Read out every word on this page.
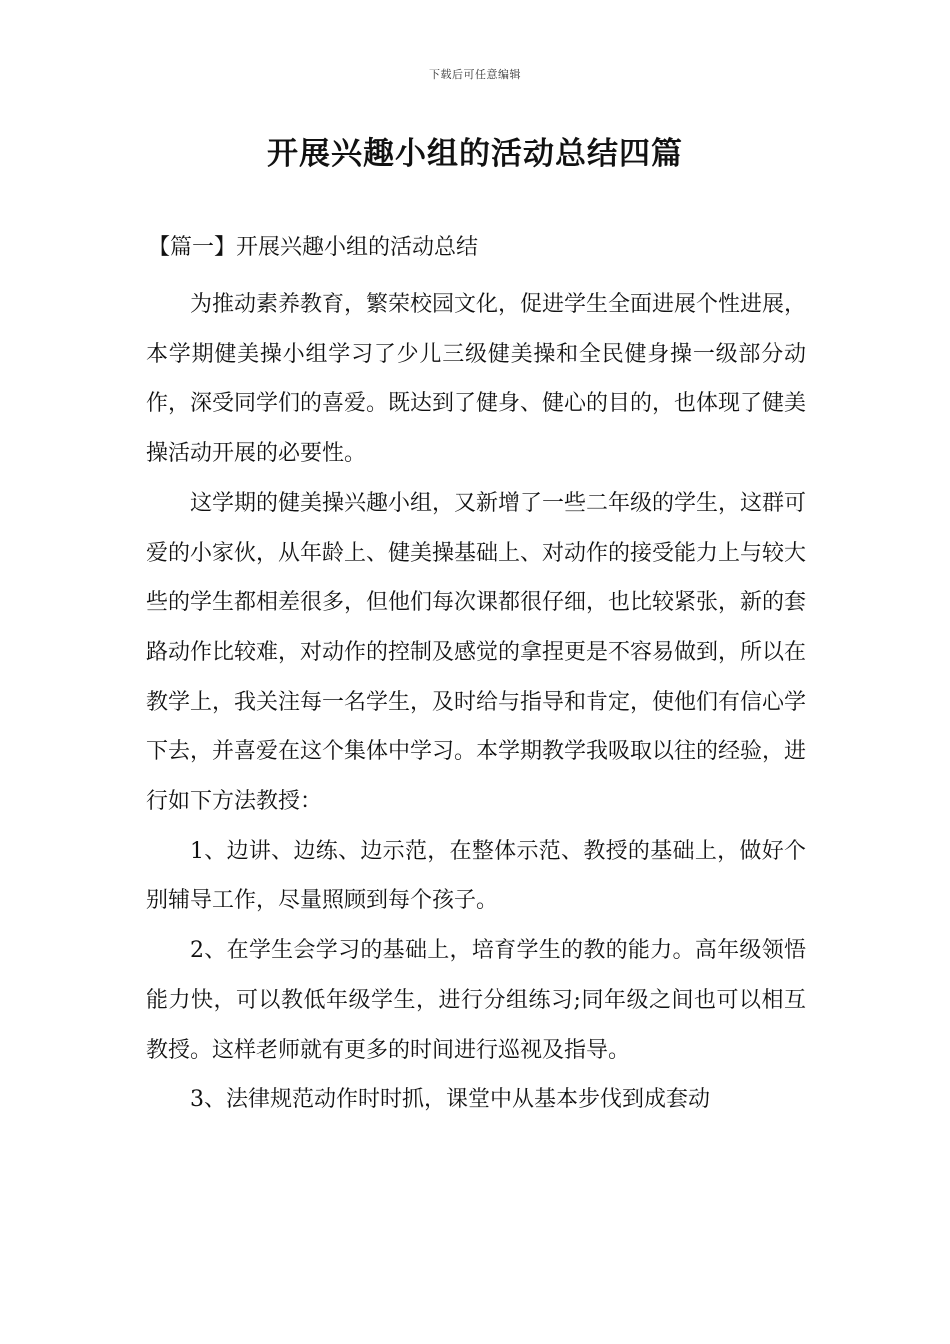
下载后可任意编辑
开展兴趣小组的活动总结四篇
【篇一】开展兴趣小组的活动总结

为推动素养教育，繁荣校园文化，促进学生全面进展个性进展，本学期健美操小组学习了少儿三级健美操和全民健身操一级部分动作，深受同学们的喜爱。既达到了健身、健心的目的，也体现了健美操活动开展的必要性。

这学期的健美操兴趣小组，又新增了一些二年级的学生，这群可爱的小家伙，从年龄上、健美操基础上、对动作的接受能力上与较大些的学生都相差很多，但他们每次课都很仔细，也比较紧张，新的套路动作比较难，对动作的控制及感觉的拿捏更是不容易做到，所以在教学上，我关注每一名学生，及时给与指导和肯定，使他们有信心学下去，并喜爱在这个集体中学习。本学期教学我吸取以往的经验，进行如下方法教授：

1、边讲、边练、边示范，在整体示范、教授的基础上，做好个别辅导工作，尽量照顾到每个孩子。

2、在学生会学习的基础上，培育学生的教的能力。高年级领悟能力快，可以教低年级学生，进行分组练习;同年级之间也可以相互教授。这样老师就有更多的时间进行巡视及指导。

3、法律规范动作时时抓，课堂中从基本步伐到成套动
